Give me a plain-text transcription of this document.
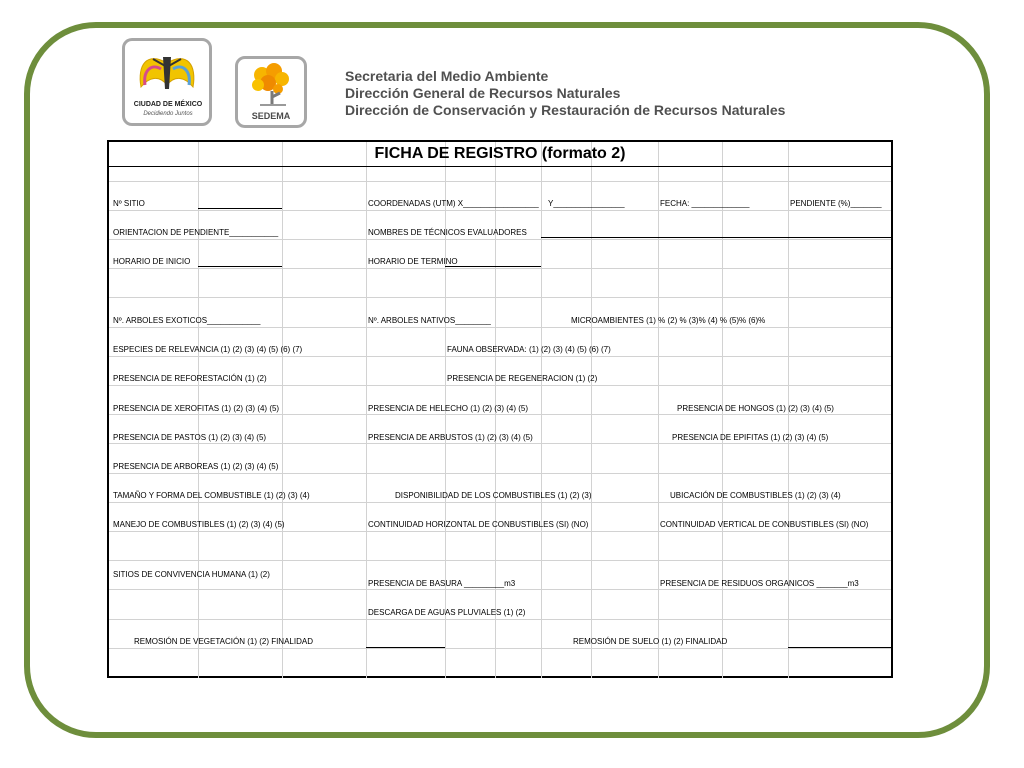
CIUDAD DE MÉXICO
Decidiendo Juntos	SEDEMA
Secretaria del Medio Ambiente
Dirección General de Recursos Naturales
Dirección de Conservación y Restauración de Recursos Naturales
FICHA DE REGISTRO (formato 2)
Nº SITIO	COORDENADAS (UTM) X_________________ Y________________	FECHA: _____________	PENDIENTE (%)_______
ORIENTACION DE PENDIENTE___________	NOMBRES DE TÉCNICOS EVALUADORES
HORARIO DE INICIO	HORARIO DE TERMINO
Nº. ARBOLES EXOTICOS____________	Nº. ARBOLES NATIVOS________	MICROAMBIENTES (1) % (2) % (3)% (4) % (5)% (6)%
ESPECIES DE RELEVANCIA (1) (2) (3) (4) (5) (6) (7)	FAUNA OBSERVADA: (1) (2) (3) (4) (5) (6) (7)
PRESENCIA DE REFORESTACIÓN (1) (2)	PRESENCIA DE REGENERACION (1) (2)
PRESENCIA DE XEROFITAS (1) (2) (3) (4) (5)	PRESENCIA DE HELECHO (1) (2) (3) (4) (5)	PRESENCIA DE HONGOS (1) (2) (3) (4) (5)
PRESENCIA DE PASTOS (1) (2) (3) (4) (5)	PRESENCIA DE ARBUSTOS (1) (2) (3) (4) (5)	PRESENCIA DE EPIFITAS (1) (2) (3) (4) (5)
PRESENCIA DE ARBOREAS (1) (2) (3) (4) (5)
TAMAÑO Y FORMA DEL COMBUSTIBLE (1) (2) (3) (4)	DISPONIBILIDAD DE LOS COMBUSTIBLES (1) (2) (3)	UBICACIÓN DE COMBUSTIBLES (1) (2) (3) (4)
MANEJO DE COMBUSTIBLES (1) (2) (3) (4) (5)	CONTINUIDAD HORIZONTAL DE CONBUSTIBLES (SI) (NO)	CONTINUIDAD VERTICAL DE CONBUSTIBLES (SI) (NO)
SITIOS DE CONVIVENCIA HUMANA (1) (2)
PRESENCIA DE BASURA _________m3	PRESENCIA DE RESIDUOS ORGANICOS _______m3
DESCARGA DE AGUAS PLUVIALES (1) (2)
REMOSIÓN DE VEGETACIÓN (1) (2) FINALIDAD	REMOSIÓN DE SUELO (1) (2) FINALIDAD
